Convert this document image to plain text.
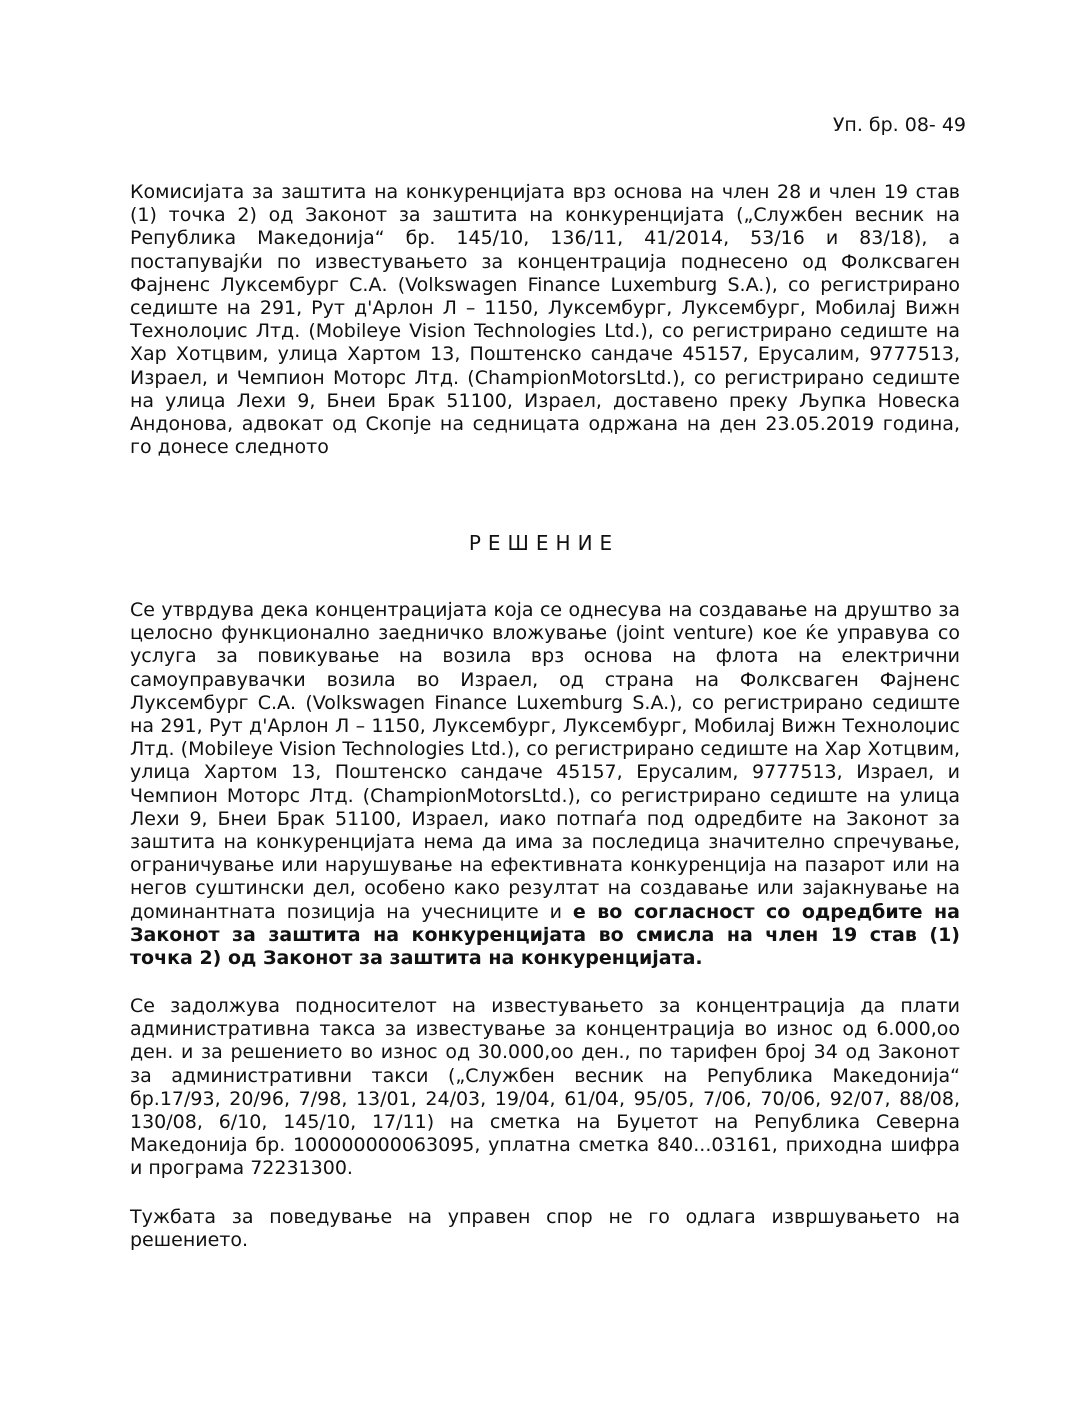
Уп. бр. 08- 49

Комисијата за заштита на конкуренцијата врз основа на член 28 и член 19 став (1) точка 2) од Законот за заштита на конкуренцијата („Службен весник на Република Македонија“ бр. 145/10, 136/11, 41/2014, 53/16 и 83/18), а постапувајќи по известувањето за концентрација поднесено од Фолксваген Фајненс Луксембург С.А. (Volkswagen Finance Luxemburg S.A.), со регистрирано седиште на 291, Рут д'Арлон Л – 1150, Луксембург, Луксембург, Мобилај Вижн Технолоџис Лтд. (Mobileye Vision Technologies Ltd.), со регистрирано седиште на Хар Хотцвим, улица Хартом 13, Поштенско сандаче 45157, Ерусалим, 9777513, Израел, и Чемпион Моторс Лтд. (ChampionMotorsLtd.), со регистрирано седиште на улица Лехи 9, Бнеи Брак 51100, Израел, доставено преку Љупка Новеска Андонова, адвокат од Скопје на седницата одржана на ден 23.05.2019 година, го донесе следното

РЕШЕНИЕ

Се утврдува дека концентрацијата која се однесува на создавање на друштво за целосно функционално заедничко вложување (joint venture) кое ќе управува со услуга за повикување на возила врз основа на флота на електрични самоуправувачки возила во Израел, од страна на Фолксваген Фајненс Луксембург С.А. (Volkswagen Finance Luxemburg S.A.), со регистрирано седиште на 291, Рут д'Арлон Л – 1150, Луксембург, Луксембург, Мобилај Вижн Технолоџис Лтд. (Mobileye Vision Technologies Ltd.), со регистрирано седиште на Хар Хотцвим, улица Хартом 13, Поштенско сандаче 45157, Ерусалим, 9777513, Израел, и Чемпион Моторс Лтд. (ChampionMotorsLtd.), со регистрирано седиште на улица Лехи 9, Бнеи Брак 51100, Израел, иако потпаѓа под одредбите на Законот за заштита на конкуренцијата нема да има за последица значително спречување, ограничување или нарушување на ефективната конкуренција на пазарот или на негов суштински дел, особено како резултат на создавање или зајакнување на доминантната позиција на учесниците и е во согласност со одредбите на Законот за заштита на конкуренцијата во смисла на член 19 став (1) точка 2) од Законот за заштита на конкуренцијата.

Се задолжува подносителот на известувањето за концентрација да плати административна такса за известување за концентрација во износ од 6.000,оо ден. и за решението во износ од 30.000,оо ден., по тарифен број 34 од Законот за административни такси („Службен весник на Република Македонија“ бр.17/93, 20/96, 7/98, 13/01, 24/03, 19/04, 61/04, 95/05, 7/06, 70/06, 92/07, 88/08, 130/08, 6/10, 145/10, 17/11) на сметка на Буџетот на Република Северна Македонија бр. 100000000063095, уплатна сметка 840...03161, приходна шифра и програма 72231300.

Тужбата за поведување на управен спор не го одлага извршувањето на решението.
